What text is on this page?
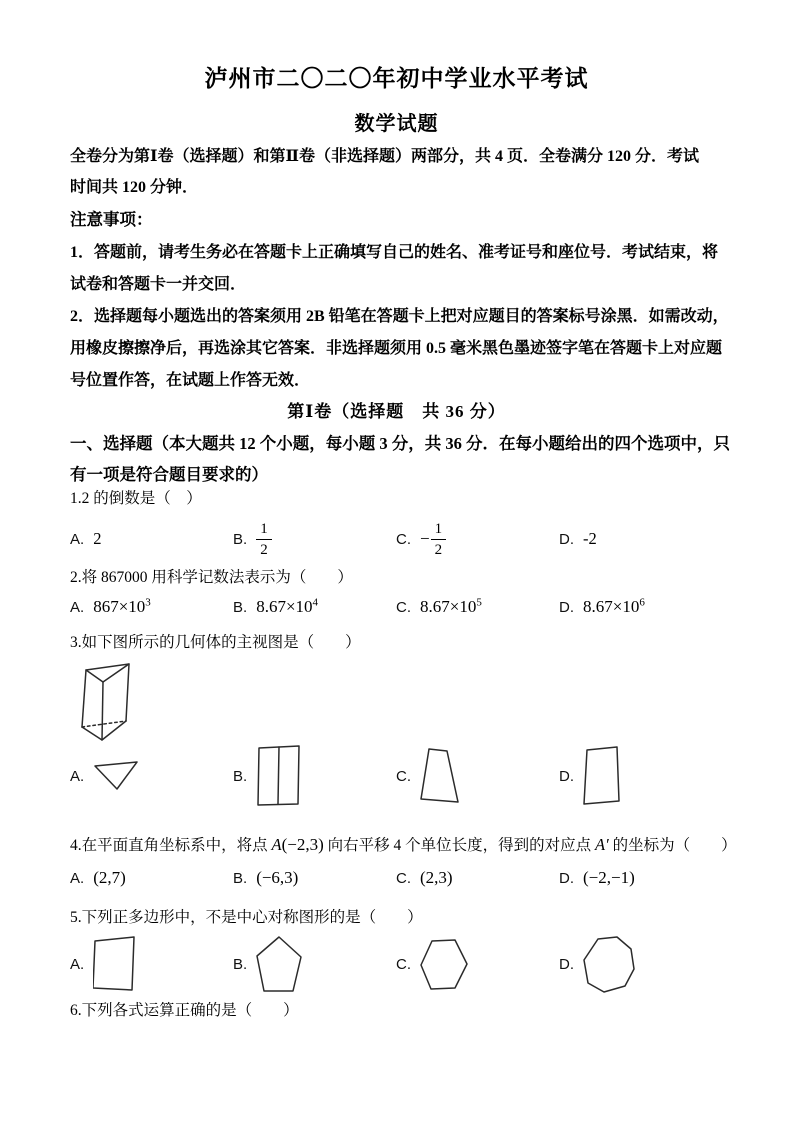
泸州市二〇二〇年初中学业水平考试
数学试题
全卷分为第Ⅰ卷（选择题）和第Ⅱ卷（非选择题）两部分，共 4 页．全卷满分 120 分．考试
时间共 120 分钟．
注意事项：
1．答题前，请考生务必在答题卡上正确填写自己的姓名、准考证号和座位号．考试结束，将
试卷和答题卡一并交回．
2．选择题每小题选出的答案须用 2B 铅笔在答题卡上把对应题目的答案标号涂黑．如需改动，
用橡皮擦擦净后，再选涂其它答案．非选择题须用 0.5 毫米黑色墨迹签字笔在答题卡上对应题
号位置作答，在试题上作答无效．
第Ⅰ卷（选择题　共 36 分）
一、选择题（本大题共 12 个小题，每小题 3 分，共 36 分．在每小题给出的四个选项中，只
有一项是符合题目要求的）
1.2 的倒数是（　）
A. 2	B. $\frac{1}{2}$	C. − $\frac{1}{2}$	D. -2
2.将 867000 用科学记数法表示为（　　）
A. $867\times 10^3$	B. $8.67\times 10^4$	C. $8.67\times 10^5$	D. $8.67\times 10^6$
3.如下图所示的几何体的主视图是（　　）
A.	B.	C.	D.
4.在平面直角坐标系中，将点 A(−2,3) 向右平移 4 个单位长度，得到的对应点 A′ 的坐标为（　　）
A. (2,7)	B. (−6,3)	C. (2,3)	D. (−2,−1)
5.下列正多边形中，不是中心对称图形的是（　　）
A.	B.	C.	D.
6.下列各式运算正确的是（　　）
